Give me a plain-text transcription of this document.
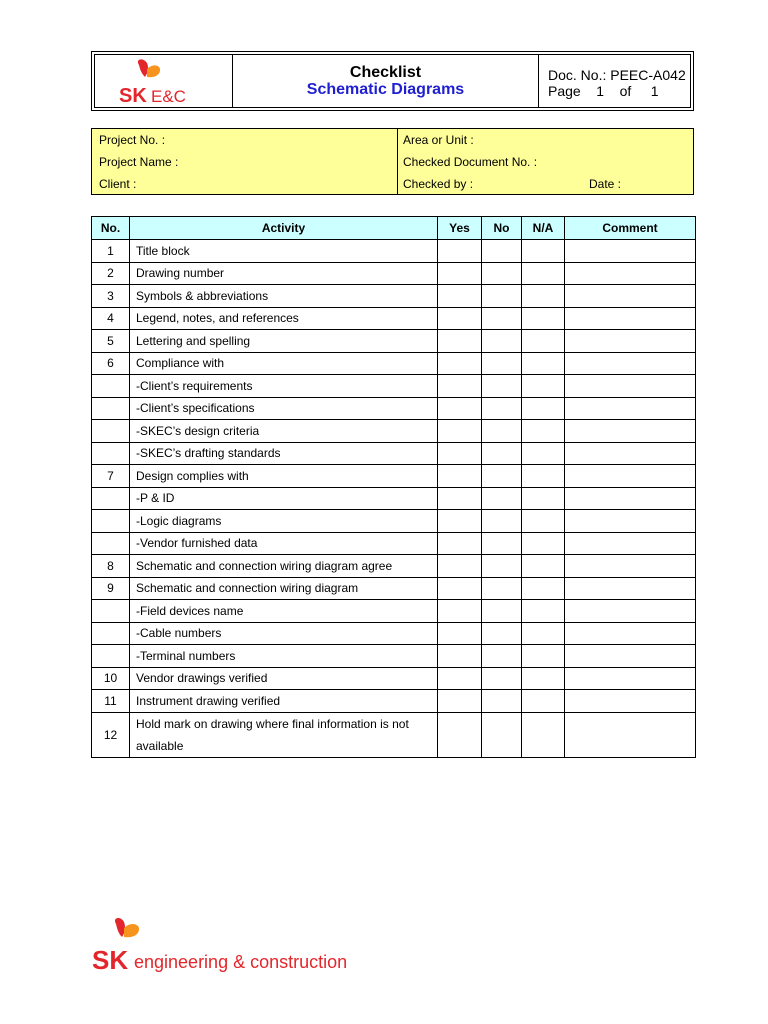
SK E&C
Checklist
Schematic Diagrams
Doc. No.: PEEC-A042
Page    1    of     1
Project No. :
Project Name :
Client :
Area or Unit :
Checked Document No. :
Checked by :	Date :
No.	Activity	Yes	No	N/A	Comment
1	Title block				
2	Drawing number				
3	Symbols & abbreviations				
4	Legend, notes, and references				
5	Lettering and spelling				
6	Compliance with				
	-Client’s requirements				
	-Client’s specifications				
	-SKEC’s design criteria				
	-SKEC’s drafting standards				
7	Design complies with				
	-P & ID				
	-Logic diagrams				
	-Vendor furnished data				
8	Schematic and connection wiring diagram agree				
9	Schematic and connection wiring diagram				
	-Field devices name				
	-Cable numbers				
	-Terminal numbers				
10	Vendor drawings verified				
11	Instrument drawing verified				
12	Hold mark on drawing where final information is not available				
SK engineering & construction
